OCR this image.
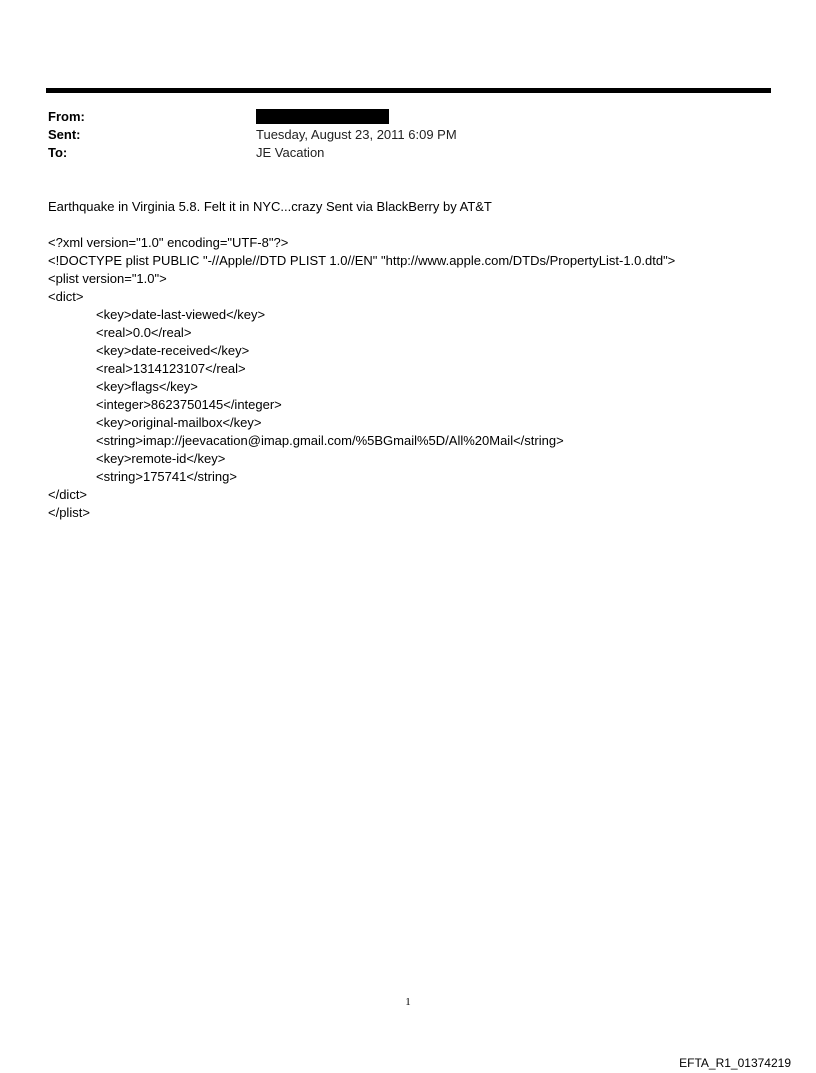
From:
Sent:	Tuesday, August 23, 2011 6:09 PM
To:	JE Vacation
Earthquake in Virginia 5.8. Felt it in NYC...crazy Sent via BlackBerry by AT&T
<?xml version="1.0" encoding="UTF-8"?>
<!DOCTYPE plist PUBLIC "-//Apple//DTD PLIST 1.0//EN" "http://www.apple.com/DTDs/PropertyList-1.0.dtd">
<plist version="1.0">
<dict>
<key>date-last-viewed</key>
<real>0.0</real>
<key>date-received</key>
<real>1314123107</real>
<key>flags</key>
<integer>8623750145</integer>
<key>original-mailbox</key>
<string>imap://jeevacation@imap.gmail.com/%5BGmail%5D/All%20Mail</string>
<key>remote-id</key>
<string>175741</string>
</dict>
</plist>
1
EFTA_R1_01374219
